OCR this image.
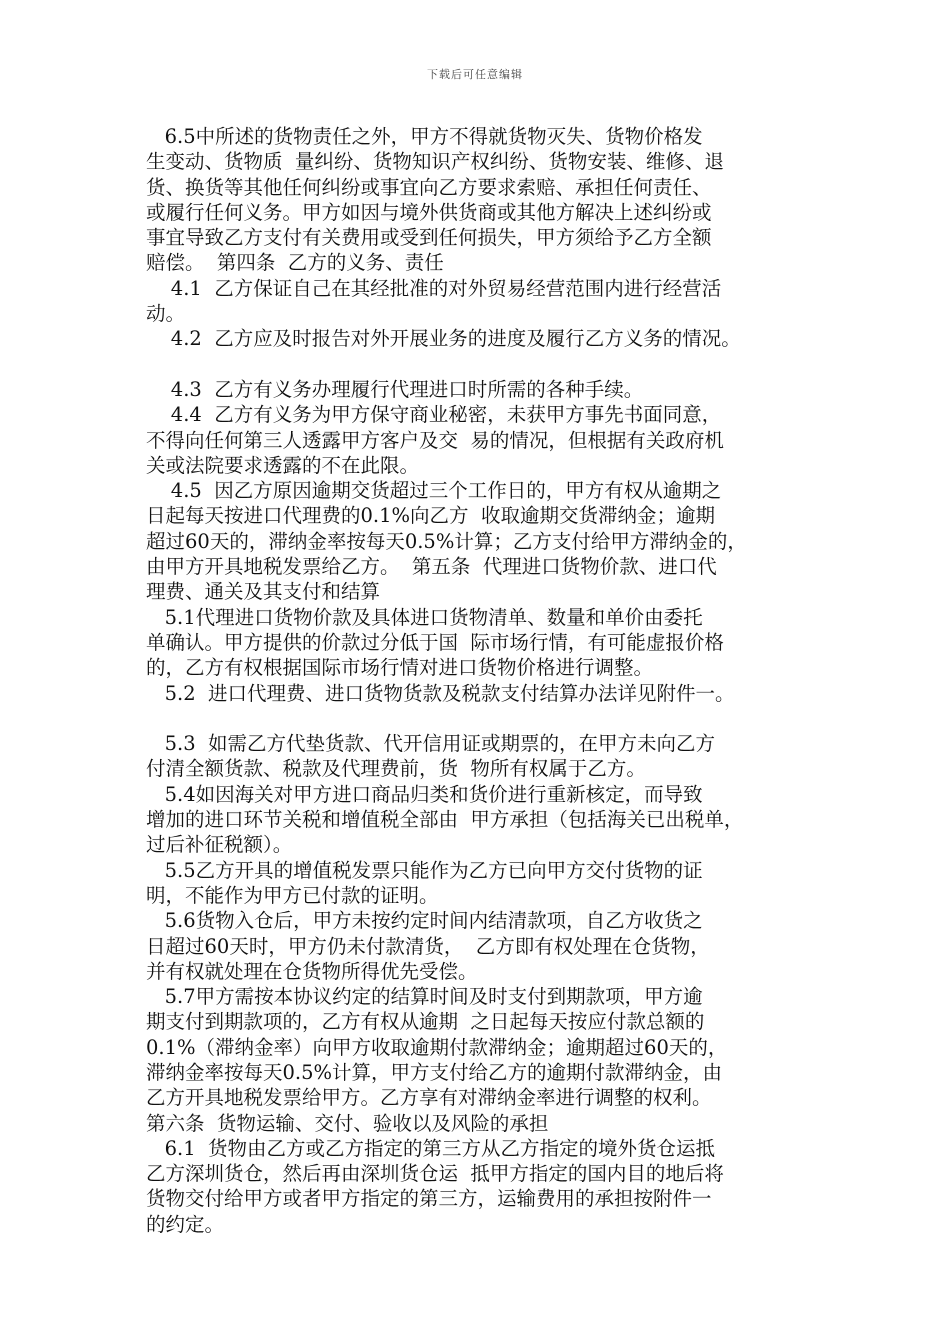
下载后可任意编辑
6.5中所述的货物责任之外，甲方不得就货物灭失、货物价格发
生变动、货物质  量纠纷、货物知识产权纠纷、货物安装、维修、退
货、换货等其他任何纠纷或事宜向乙方要求索赔、承担任何责任、
或履行任何义务。甲方如因与境外供货商或其他方解决上述纠纷或
事宜导致乙方支付有关费用或受到任何损失，甲方须给予乙方全额
赔偿。  第四条  乙方的义务、责任
4.1  乙方保证自己在其经批准的对外贸易经营范围内进行经营活
动。
4.2  乙方应及时报告对外开展业务的进度及履行乙方义务的情况。
4.3  乙方有义务办理履行代理进口时所需的各种手续。
4.4  乙方有义务为甲方保守商业秘密，未获甲方事先书面同意，
不得向任何第三人透露甲方客户及交  易的情况，但根据有关政府机
关或法院要求透露的不在此限。
4.5  因乙方原因逾期交货超过三个工作日的，甲方有权从逾期之
日起每天按进口代理费的0.1%向乙方  收取逾期交货滞纳金；逾期
超过60天的，滞纳金率按每天0.5%计算；乙方支付给甲方滞纳金的，
由甲方开具地税发票给乙方。  第五条  代理进口货物价款、进口代
理费、通关及其支付和结算
5.1代理进口货物价款及具体进口货物清单、数量和单价由委托
单确认。甲方提供的价款过分低于国  际市场行情，有可能虚报价格
的，乙方有权根据国际市场行情对进口货物价格进行调整。
5.2  进口代理费、进口货物货款及税款支付结算办法详见附件一。
5.3  如需乙方代垫货款、代开信用证或期票的，在甲方未向乙方
付清全额货款、税款及代理费前，货  物所有权属于乙方。
5.4如因海关对甲方进口商品归类和货价进行重新核定，而导致
增加的进口环节关税和增值税全部由  甲方承担（包括海关已出税单，
过后补征税额）。
5.5乙方开具的增值税发票只能作为乙方已向甲方交付货物的证
明，不能作为甲方已付款的证明。
5.6货物入仓后，甲方未按约定时间内结清款项，自乙方收货之
日超过60天时，甲方仍未付款清货，  乙方即有权处理在仓货物，
并有权就处理在仓货物所得优先受偿。
5.7甲方需按本协议约定的结算时间及时支付到期款项，甲方逾
期支付到期款项的，乙方有权从逾期  之日起每天按应付款总额的
0.1%（滞纳金率）向甲方收取逾期付款滞纳金；逾期超过60天的，
滞纳金率按每天0.5%计算，甲方支付给乙方的逾期付款滞纳金，由
乙方开具地税发票给甲方。乙方享有对滞纳金率进行调整的权利。
第六条  货物运输、交付、验收以及风险的承担
6.1  货物由乙方或乙方指定的第三方从乙方指定的境外货仓运抵
乙方深圳货仓，然后再由深圳货仓运  抵甲方指定的国内目的地后将
货物交付给甲方或者甲方指定的第三方，运输费用的承担按附件一
的约定。
